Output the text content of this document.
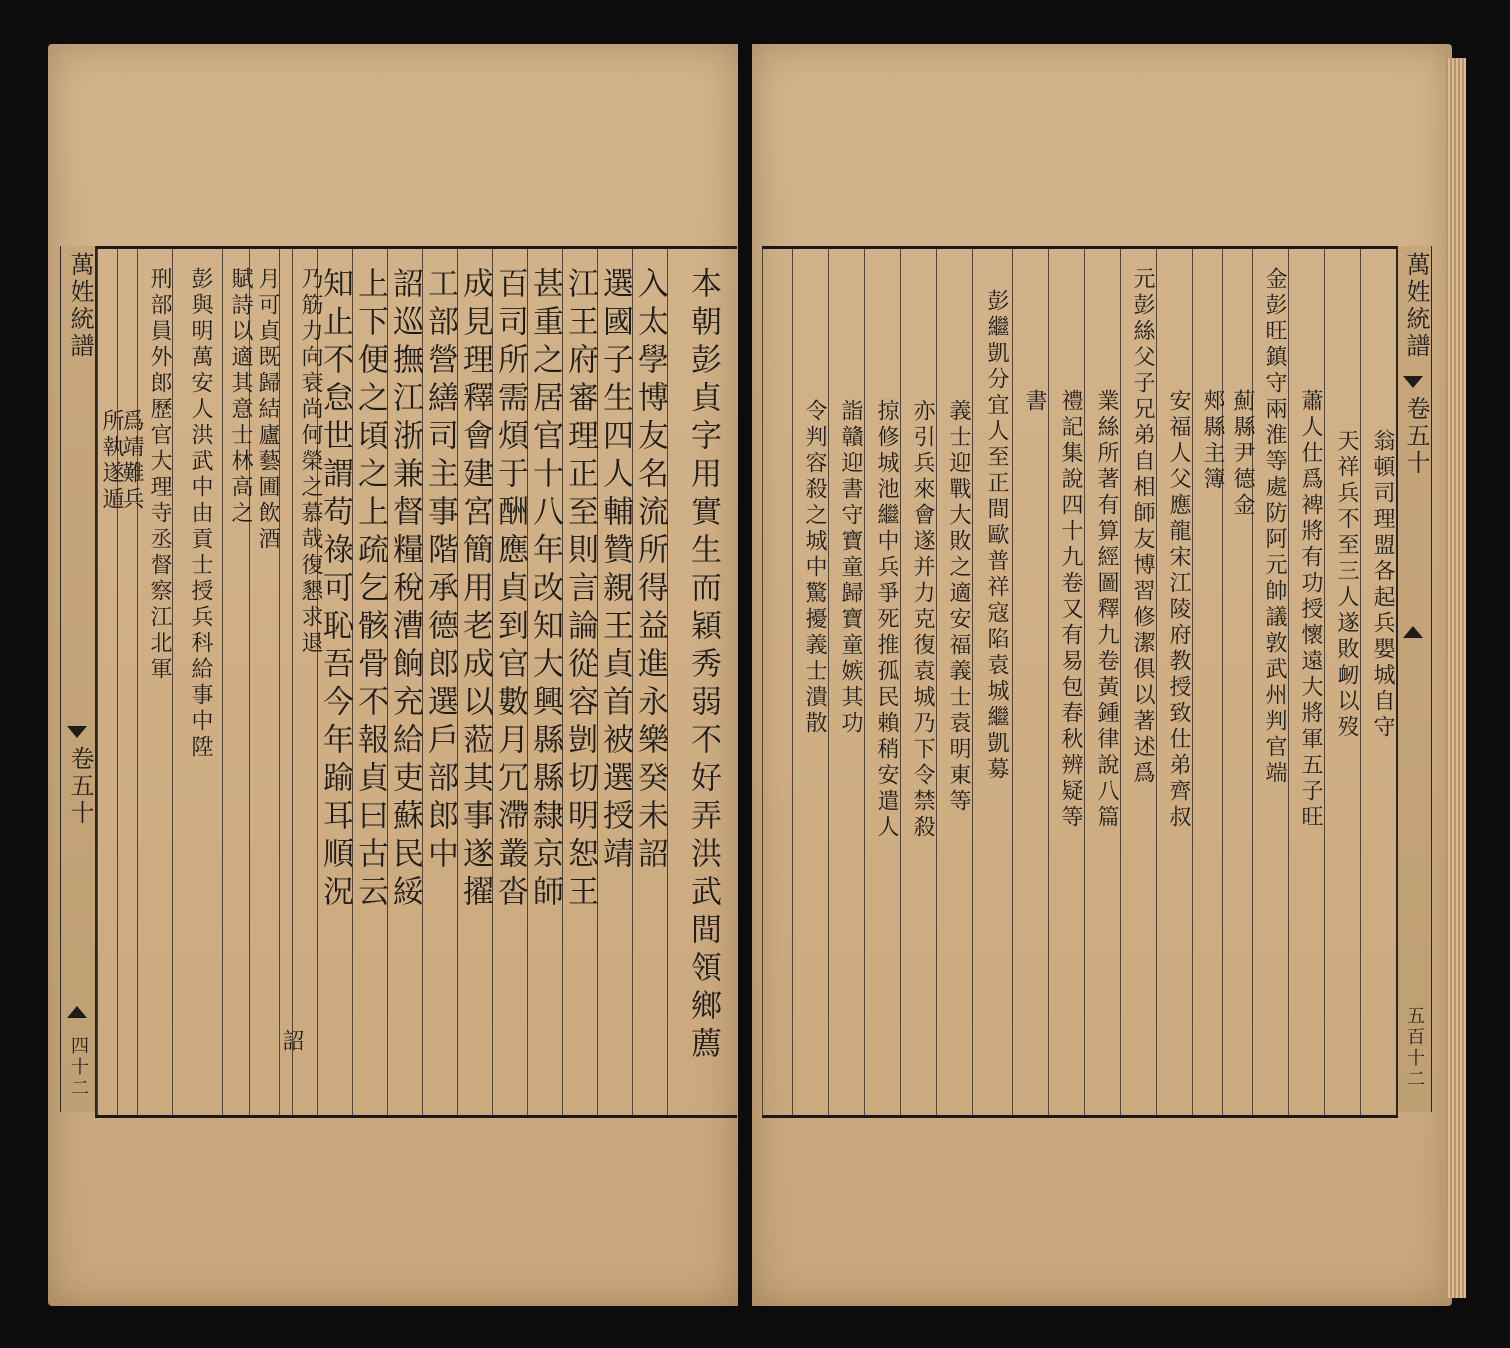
萬姓統譜
卷五十
四十二
萬姓統譜
卷五十
五百十二
本朝彭貞字用實生而穎秀弱不好弄洪武間領鄉薦
入太學博友名流所得益進永樂癸未詔
選國子生四人輔贊親王貞首被選授靖
江王府審理正至則言論從容剴切明恕王
甚重之居官十八年改知大興縣縣隸京師
百司所需煩于酬應貞到官數月冗滯叢沓
成見理釋會建宮簡用老成以蒞其事遂擢
工部營繕司主事階承德郎選戶部郎中
詔巡撫江浙兼督糧稅漕餉充給吏蘇民綏
上下便之頃之上疏乞骸骨不報貞曰古云
知止不怠世謂苟祿可恥吾今年踰耳順況
乃筋力向衰尚何榮之慕哉復懇求退
詔
月可貞既歸結廬藝圃飲酒
賦詩以適其意士林高之
彭與明萬安人洪武中由貢士授兵科給事中陞
刑部員外郎歷官大理寺丞督察江北軍
爲靖難兵
所執遂遁	翁頓司理盟各起兵嬰城自守
天祥兵不至三人遂敗衂以歿
蕭人仕爲裨將有功授懷遠大將軍五子旺
金彭旺鎮守兩淮等處防阿元帥議敦武州判官端
薊縣尹德金
郟縣主簿
安福人父應龍宋江陵府教授致仕弟齊叔
元彭絲父子兄弟自相師友博習修潔俱以著述爲
業絲所著有算經圖釋九卷黃鍾律說八篇
禮記集說四十九卷又有易包春秋辨疑等
書
彭繼凱分宜人至正間歐普祥寇陷袁城繼凱募
義士迎戰大敗之適安福義士袁明東等
亦引兵來會遂并力克復袁城乃下令禁殺
掠修城池繼中兵爭死推孤民賴稍安遣人
詣贛迎書守寶童歸寶童嫉其功
令判容殺之城中驚擾義士潰散
